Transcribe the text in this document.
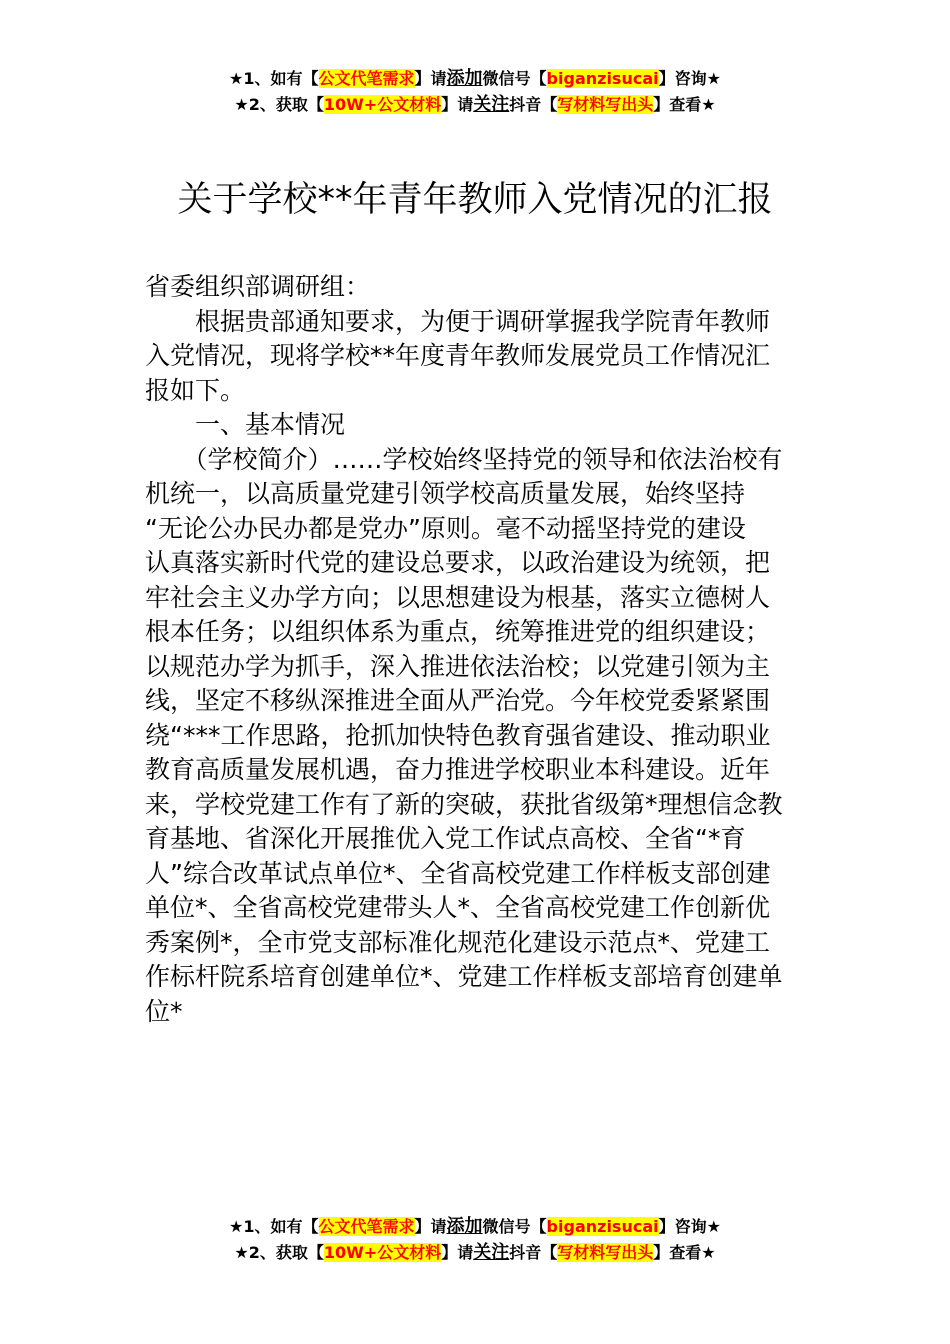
★1、如有【公文代笔需求】请添加微信号【biganzisucai】咨询★
★2、获取【10W+公文材料】请关注抖音【写材料写出头】查看★
关于学校**年青年教师入党情况的汇报

省委组织部调研组：

　　根据贵部通知要求，为便于调研掌握我学院青年教师

入党情况，现将学校**年度青年教师发展党员工作情况汇

报如下。

　　一、基本情况

　　（学校简介）……学校始终坚持党的领导和依法治校有

机统一，以高质量党建引领学校高质量发展，始终坚持

“无论公办民办都是党办”原则。毫不动摇坚持党的建设

认真落实新时代党的建设总要求，以政治建设为统领，把

牢社会主义办学方向；以思想建设为根基，落实立德树人

根本任务；以组织体系为重点，统筹推进党的组织建设；

以规范办学为抓手，深入推进依法治校；以党建引领为主

线，坚定不移纵深推进全面从严治党。今年校党委紧紧围

绕“***工作思路，抢抓加快特色教育强省建设、推动职业

教育高质量发展机遇，奋力推进学校职业本科建设。近年

来，学校党建工作有了新的突破，获批省级第*理想信念教

育基地、省深化开展推优入党工作试点高校、全省“*育

人”综合改革试点单位*、全省高校党建工作样板支部创建

单位*、全省高校党建带头人*、全省高校党建工作创新优

秀案例*，全市党支部标准化规范化建设示范点*、党建工

作标杆院系培育创建单位*、党建工作样板支部培育创建单

位*

★1、如有【公文代笔需求】请添加微信号【biganzisucai】咨询★
★2、获取【10W+公文材料】请关注抖音【写材料写出头】查看★
